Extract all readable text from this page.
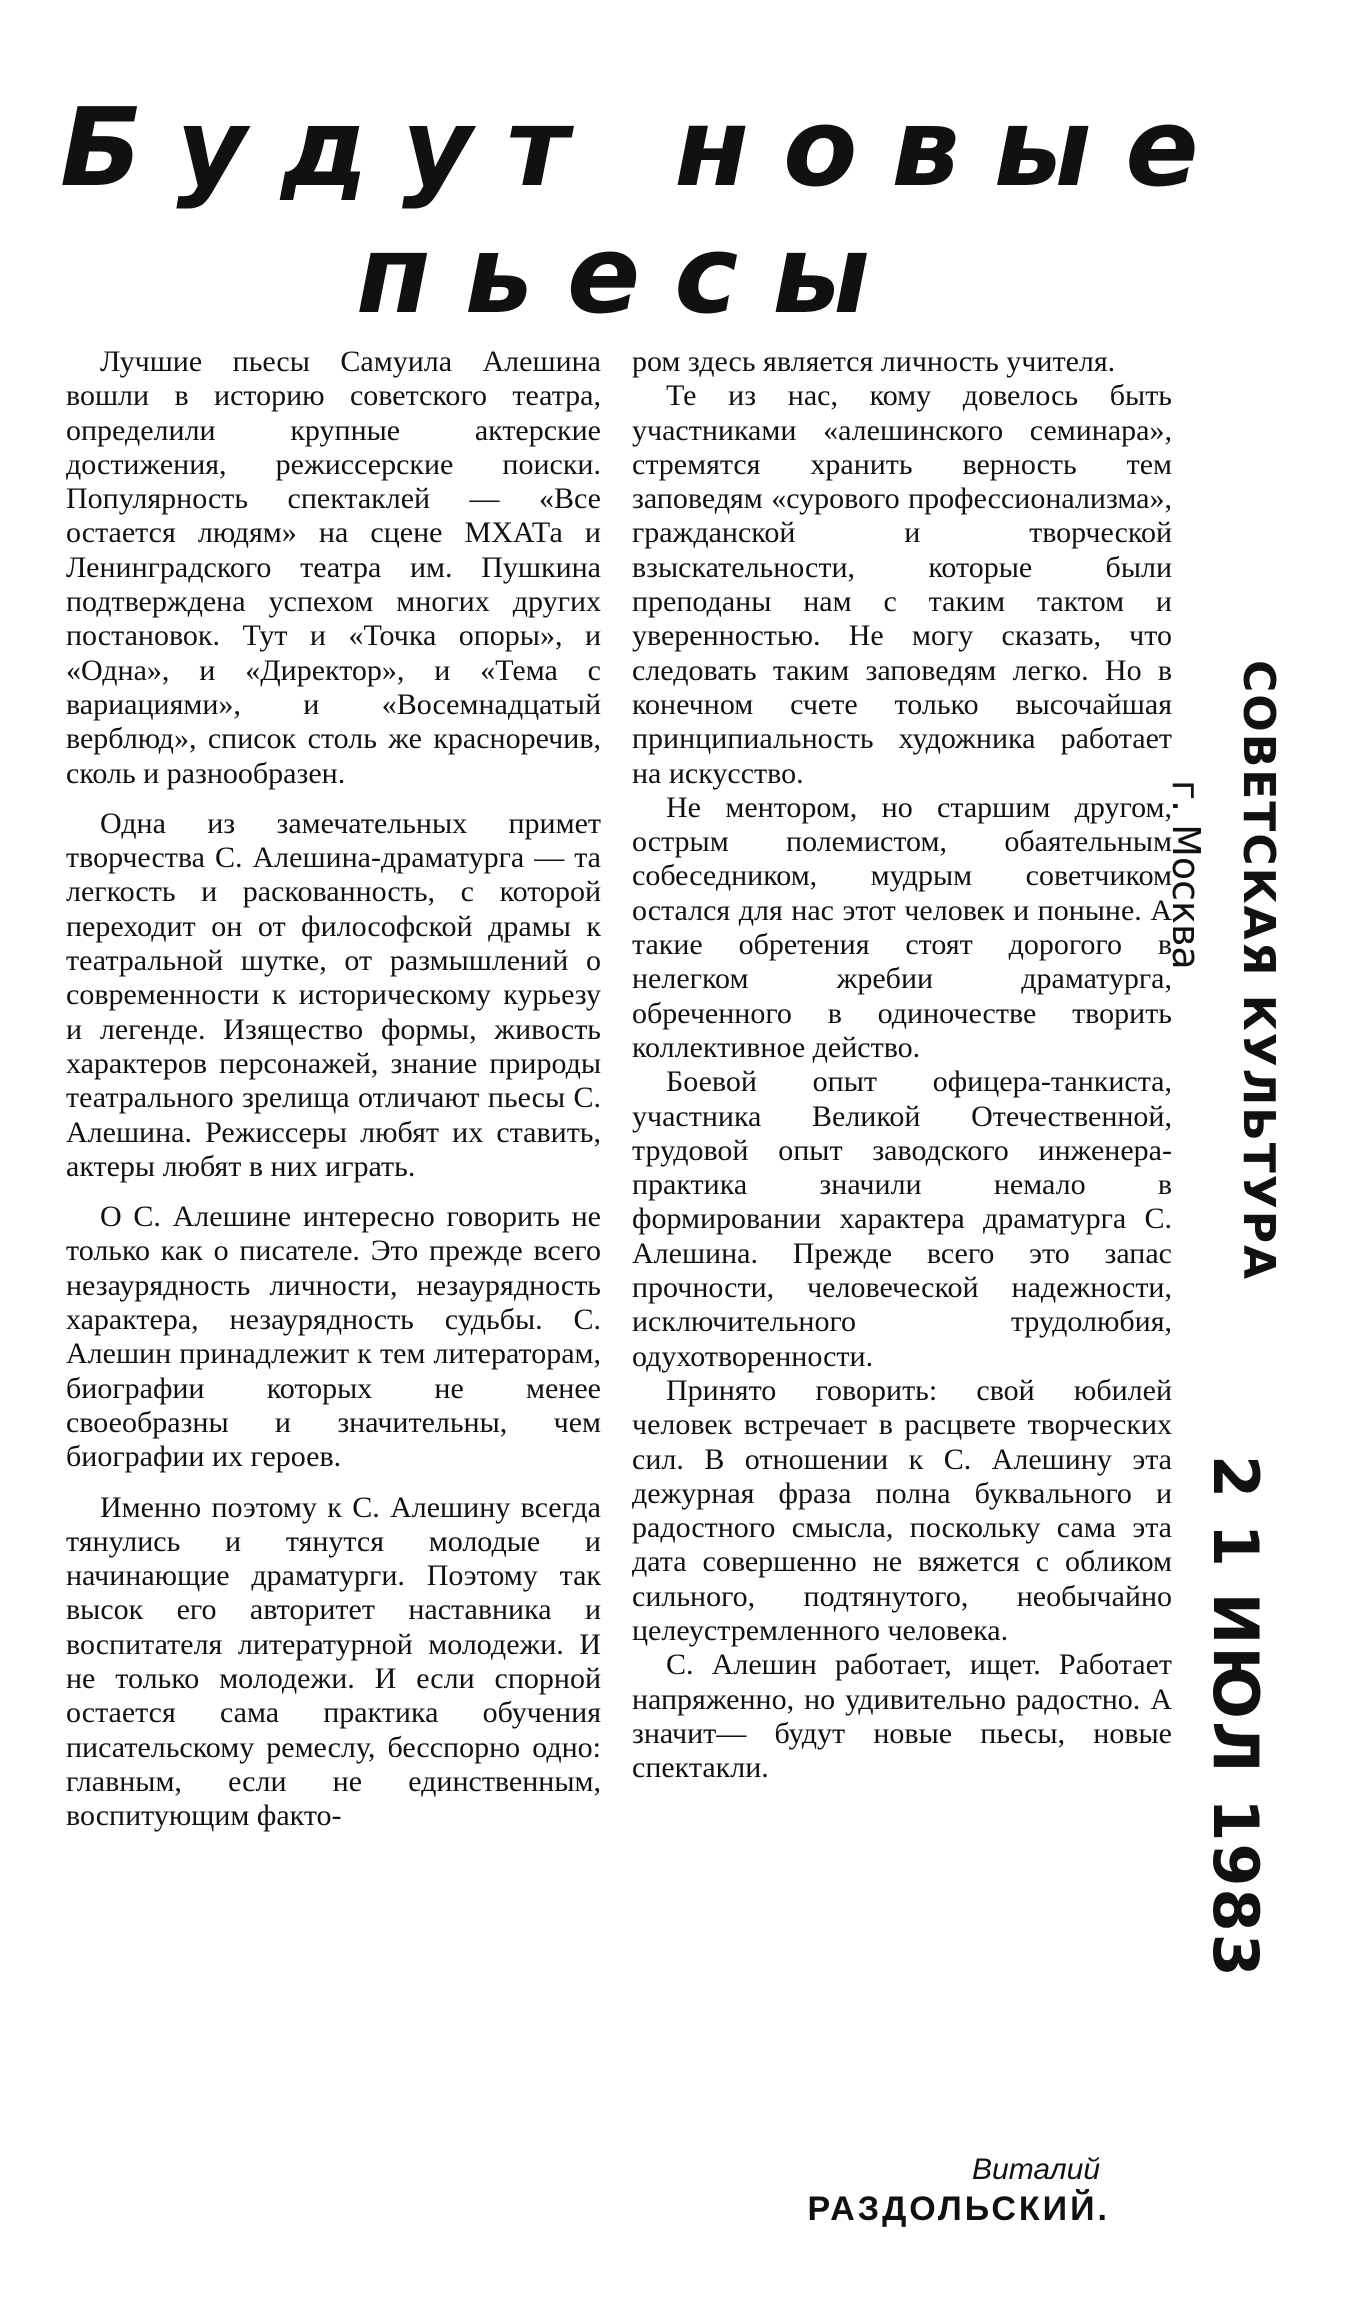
Будут новые
пьесы

Лучшие пьесы Самуила Алешина вошли в историю советского театра, определили крупные актерские достижения, режиссерские поиски. Популярность спектаклей — «Все остается людям» на сцене МХАТа и Ленинградского театра им. Пушкина подтверждена успехом многих других постановок. Тут и «Точка опоры», и «Одна», и «Директор», и «Тема с вариациями», и «Восемнадцатый верблюд», список столь же красноречив, сколь и разнообразен.

Одна из замечательных примет творчества С. Алешина-драматурга — та легкость и раскованность, с которой переходит он от философской драмы к театральной шутке, от размышлений о современности к историческому курьезу и легенде. Изящество формы, живость характеров персонажей, знание природы театрального зрелища отличают пьесы С. Алешина. Режиссеры любят их ставить, актеры любят в них играть.

О С. Алешине интересно говорить не только как о писателе. Это прежде всего незаурядность личности, незаурядность характера, незаурядность судьбы. С. Алешин принадлежит к тем литераторам, биографии которых не менее своеобразны и значительны, чем биографии их героев.

Именно поэтому к С. Алешину всегда тянулись и тянутся молодые и начинающие драматурги. Поэтому так высок его авторитет наставника и воспитателя литературной молодежи. И не только молодежи. И если спорной остается сама практика обучения писательскому ремеслу, бесспорно одно: главным, если не единственным, воспитующим факто-

ром здесь является личность учителя.

Те из нас, кому довелось быть участниками «алешинского семинара», стремятся хранить верность тем заповедям «сурового профессионализма», гражданской и творческой взыскательности, которые были преподаны нам с таким тактом и уверенностью. Не могу сказать, что следовать таким заповедям легко. Но в конечном счете только высочайшая принципиальность художника работает на искусство.

Не ментором, но старшим другом, острым полемистом, обаятельным собеседником, мудрым советчиком остался для нас этот человек и поныне. А такие обретения стоят дорогого в нелегком жребии драматурга, обреченного в одиночестве творить коллективное действо.

Боевой опыт офицера-танкиста, участника Великой Отечественной, трудовой опыт заводского инженера-практика значили немало в формировании характера драматурга С. Алешина. Прежде всего это запас прочности, человеческой надежности, исключительного трудолюбия, одухотворенности.

Принято говорить: свой юбилей человек встречает в расцвете творческих сил. В отношении к С. Алешину эта дежурная фраза полна буквального и радостного смысла, поскольку сама эта дата совершенно не вяжется с обликом сильного, подтянутого, необычайно целеустремленного человека.

С. Алешин работает, ищет. Работает напряженно, но удивительно радостно. А значит— будут новые пьесы, новые спектакли.

Виталий
РАЗДОЛЬСКИЙ.
СОВЕТСКАЯ КУЛЬТУРА
г. Москва
2 1 ИЮЛ 1983
